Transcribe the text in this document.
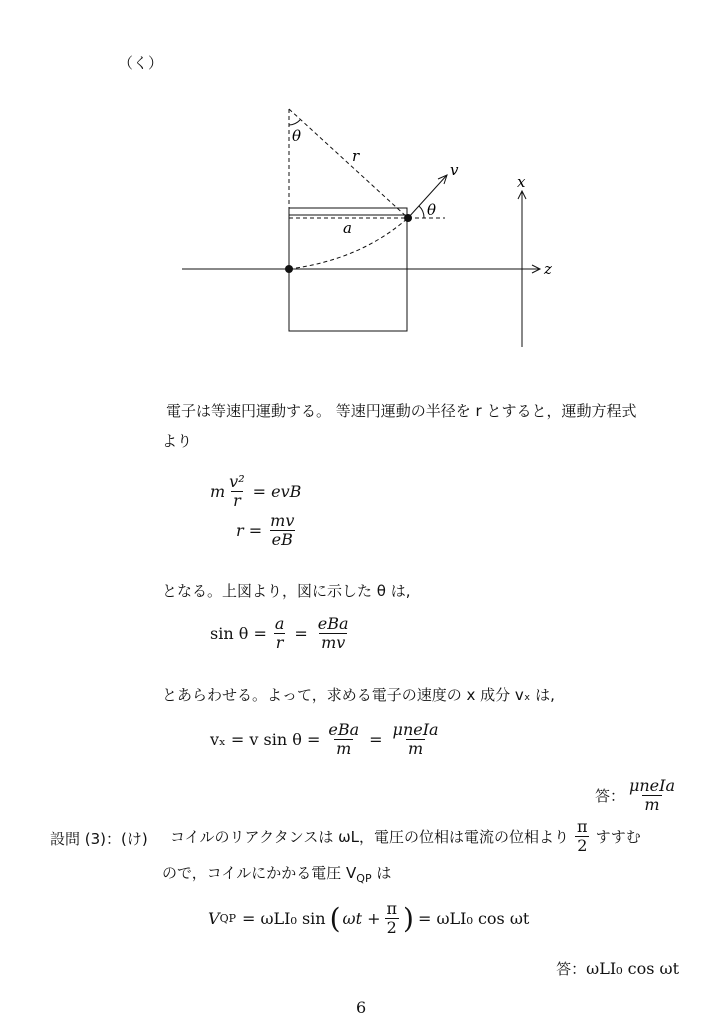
（く）
θ
r
v
θ
a
x
z
電子は等速円運動する。 等速円運動の半径を r とすると，運動方程式
より
m $\frac{\text{v²}}{r}$ = evB
$r = \frac{mv}{eB}$
となる。上図より，図に示した θ は,
$\sin \theta = \frac{a}{r} = \frac{\text{eBa}}{mv}$
とあらわせる。よって，求める電子の速度の x 成分 vₓ は,
vₓ = v $\sin \theta = \frac{\text{eBa}}{m} = \frac{\text{μneIa}}{m}$
答： $\frac{\text{μneIa}}{m}$
設問 (3)：(け) コイルのリアクタンスは ωL，電圧の位相は電流の位相より $\frac{\pi}{2}$ すすむ
ので，コイルにかかる電圧 $V_{QP}$ は
V QP = ωLI₀ sin ( $\omega t + \frac{\pi}{2}$ ) = ωLI₀ cos ωt
答： ωLI₀ cos ωt
6
